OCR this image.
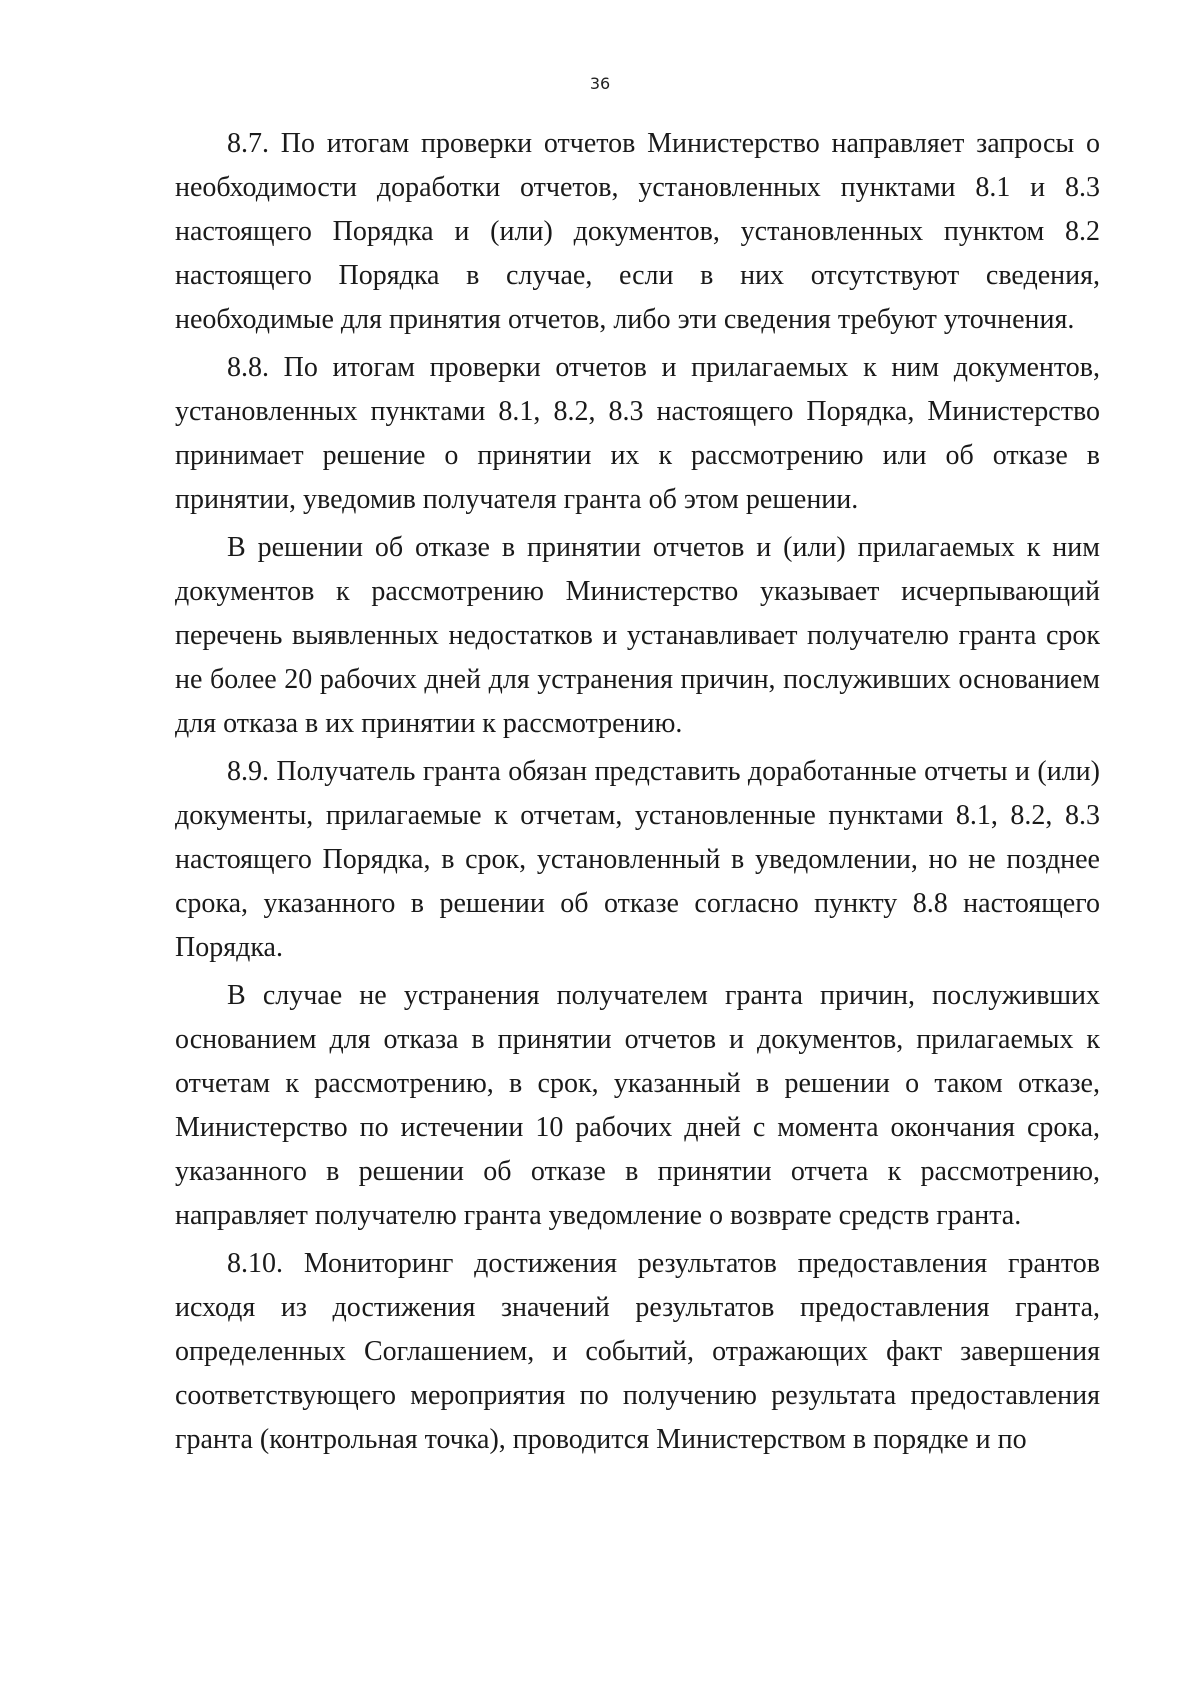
36

8.7. По итогам проверки отчетов Министерство направляет запросы о необходимости доработки отчетов, установленных пунктами 8.1 и 8.3 настоящего Порядка и (или) документов, установленных пунктом 8.2 настоящего Порядка в случае, если в них отсутствуют сведения, необходимые для принятия отчетов, либо эти сведения требуют уточнения.

8.8. По итогам проверки отчетов и прилагаемых к ним документов, установленных пунктами 8.1, 8.2, 8.3 настоящего Порядка, Министерство принимает решение о принятии их к рассмотрению или об отказе в принятии, уведомив получателя гранта об этом решении.

В решении об отказе в принятии отчетов и (или) прилагаемых к ним документов к рассмотрению Министерство указывает исчерпывающий перечень выявленных недостатков и устанавливает получателю гранта срок не более 20 рабочих дней для устранения причин, послуживших основанием для отказа в их принятии к рассмотрению.

8.9. Получатель гранта обязан представить доработанные отчеты и (или) документы, прилагаемые к отчетам, установленные пунктами 8.1, 8.2, 8.3 настоящего Порядка, в срок, установленный в уведомлении, но не позднее срока, указанного в решении об отказе согласно пункту 8.8 настоящего Порядка.

В случае не устранения получателем гранта причин, послуживших основанием для отказа в принятии отчетов и документов, прилагаемых к отчетам к рассмотрению, в срок, указанный в решении о таком отказе, Министерство по истечении 10 рабочих дней с момента окончания срока, указанного в решении об отказе в принятии отчета к рассмотрению, направляет получателю гранта уведомление о возврате средств гранта.

8.10. Мониторинг достижения результатов предоставления грантов исходя из достижения значений результатов предоставления гранта, определенных Соглашением, и событий, отражающих факт завершения соответствующего мероприятия по получению результата предоставления гранта (контрольная точка), проводится Министерством в порядке и по
